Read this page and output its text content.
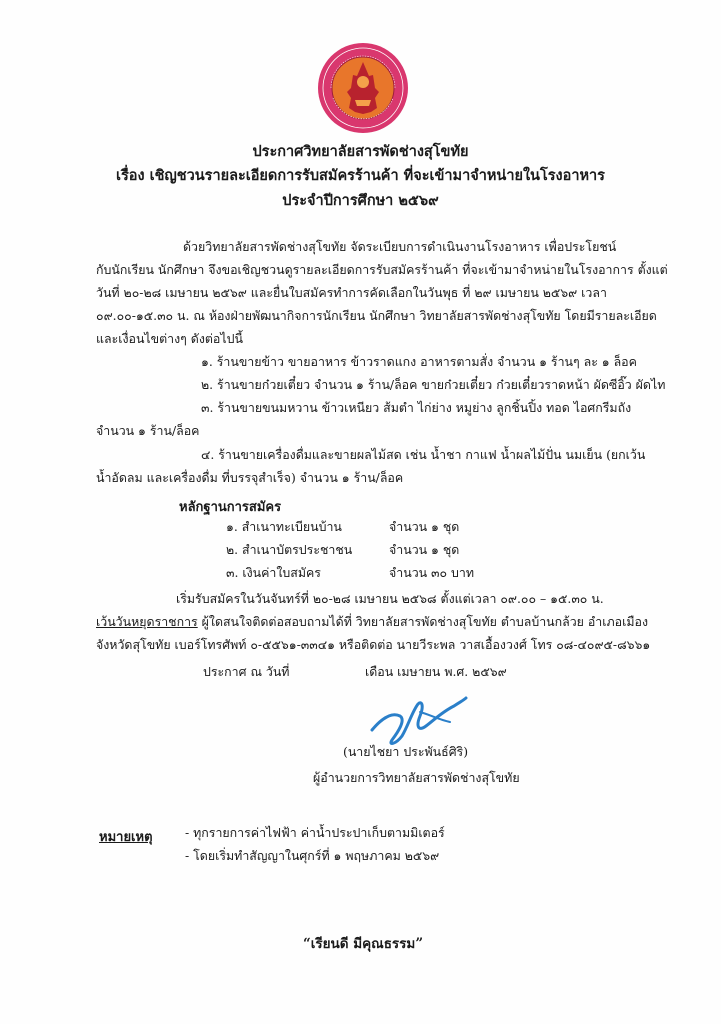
ประกาศวิทยาลัยสารพัดช่างสุโขทัย
เรื่อง เชิญชวนรายละเอียดการรับสมัครร้านค้า ที่จะเข้ามาจำหน่ายในโรงอาหาร
ประจำปีการศึกษา ๒๕๖๙
ด้วยวิทยาลัยสารพัดช่างสุโขทัย จัดระเบียบการดำเนินงานโรงอาหาร เพื่อประโยชน์
กับนักเรียน นักศึกษา จึงขอเชิญชวนดูรายละเอียดการรับสมัครร้านค้า ที่จะเข้ามาจำหน่ายในโรงอาการ ตั้งแต่
วันที่ ๒๐-๒๘ เมษายน ๒๕๖๙ และยื่นใบสมัครทำการคัดเลือกในวันพุธ ที่ ๒๙ เมษายน ๒๕๖๙ เวลา
๐๙.๐๐-๑๕.๓๐ น. ณ ห้องฝ่ายพัฒนากิจการนักเรียน นักศึกษา วิทยาลัยสารพัดช่างสุโขทัย โดยมีรายละเอียด
และเงื่อนไขต่างๆ ดังต่อไปนี้
๑. ร้านขายข้าว ขายอาหาร ข้าวราดแกง อาหารตามสั่ง จำนวน ๑ ร้านๆ ละ ๑ ล็อค
๒. ร้านขายก๋วยเตี๋ยว จำนวน ๑ ร้าน/ล็อค ขายก๋วยเตี๋ยว ก๋วยเตี๋ยวราดหน้า ผัดซีอิ๊ว ผัดไท
๓. ร้านขายขนมหวาน ข้าวเหนียว ส้มตำ ไก่ย่าง หมูย่าง ลูกชิ้นปิ้ง ทอด ไอศกรีมถัง
จำนวน ๑ ร้าน/ล็อค
๔. ร้านขายเครื่องดื่มและขายผลไม้สด เช่น น้ำชา กาแฟ น้ำผลไม้ปั่น นมเย็น (ยกเว้น
น้ำอัดลม และเครื่องดื่ม ที่บรรจุสำเร็จ) จำนวน ๑ ร้าน/ล็อค
หลักฐานการสมัคร
๑. สำเนาทะเบียนบ้าน	จำนวน ๑ ชุด
๒. สำเนาบัตรประชาชน	จำนวน ๑ ชุด
๓. เงินค่าใบสมัคร	จำนวน ๓๐ บาท
เริ่มรับสมัครในวันจันทร์ที่ ๒๐-๒๘ เมษายน ๒๕๖๘ ตั้งแต่เวลา ๐๙.๐๐ – ๑๕.๓๐ น.
เว้นวันหยุดราชการ ผู้ใดสนใจติดต่อสอบถามได้ที่ วิทยาลัยสารพัดช่างสุโขทัย ตำบลบ้านกล้วย อำเภอเมือง
จังหวัดสุโขทัย เบอร์โทรศัพท์ ๐-๕๕๖๑-๓๓๔๑ หรือติดต่อ นายวีระพล วาสเอื้องวงศ์ โทร ๐๘-๔๐๙๕-๘๖๖๑
ประกาศ ณ วันที่	เดือน เมษายน พ.ศ. ๒๕๖๙
(นายไชยา ประพันธ์ศิริ)
ผู้อำนวยการวิทยาลัยสารพัดช่างสุโขทัย
หมายเหตุ	- ทุกรายการค่าไฟฟ้า ค่าน้ำประปาเก็บตามมิเตอร์
- โดยเริ่มทำสัญญาในศุกร์ที่ ๑ พฤษภาคม ๒๕๖๙
“เรียนดี มีคุณธรรม”
